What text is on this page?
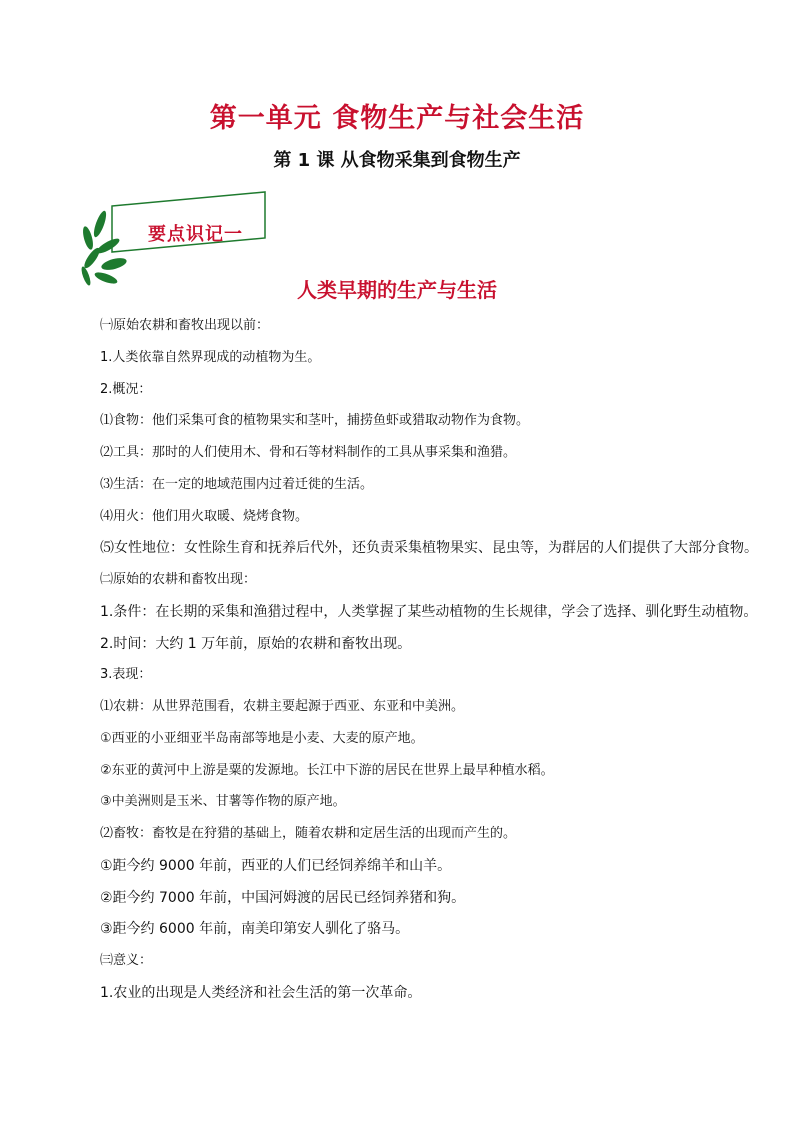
第一单元 食物生产与社会生活
第 1 课 从食物采集到食物生产
要点识记一
人类早期的生产与生活
㈠原始农耕和畜牧出现以前：
1.人类依靠自然界现成的动植物为生。
2.概况：
⑴食物：他们采集可食的植物果实和茎叶，捕捞鱼虾或猎取动物作为食物。
⑵工具：那时的人们使用木、骨和石等材料制作的工具从事采集和渔猎。
⑶生活：在一定的地域范围内过着迁徙的生活。
⑷用火：他们用火取暖、烧烤食物。
⑸女性地位：女性除生育和抚养后代外，还负责采集植物果实、昆虫等，为群居的人们提供了大部分食物。
㈡原始的农耕和畜牧出现：
1.条件：在长期的采集和渔猎过程中，人类掌握了某些动植物的生长规律，学会了选择、驯化野生动植物。
2.时间：大约 1 万年前，原始的农耕和畜牧出现。
3.表现：
⑴农耕：从世界范围看，农耕主要起源于西亚、东亚和中美洲。
①西亚的小亚细亚半岛南部等地是小麦、大麦的原产地。
②东亚的黄河中上游是粟的发源地。长江中下游的居民在世界上最早种植水稻。
③中美洲则是玉米、甘薯等作物的原产地。
⑵畜牧：畜牧是在狩猎的基础上，随着农耕和定居生活的出现而产生的。
①距今约 9000 年前，西亚的人们已经饲养绵羊和山羊。
②距今约 7000 年前，中国河姆渡的居民已经饲养猪和狗。
③距今约 6000 年前，南美印第安人驯化了骆马。
㈢意义：
1.农业的出现是人类经济和社会生活的第一次革命。
